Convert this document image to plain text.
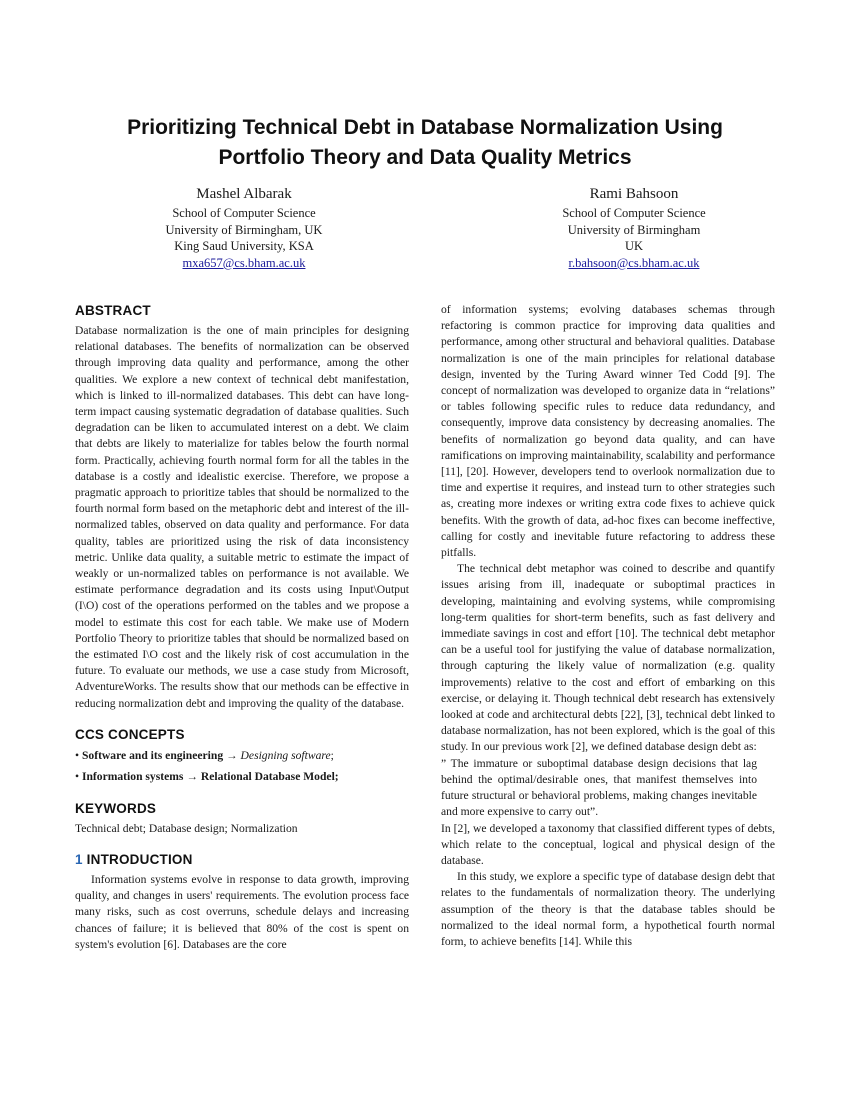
Prioritizing Technical Debt in Database Normalization Using
Portfolio Theory and Data Quality Metrics
Mashel Albarak
School of Computer Science
University of Birmingham, UK
King Saud University, KSA
mxa657@cs.bham.ac.uk
Rami Bahsoon
School of Computer Science
University of Birmingham
UK
r.bahsoon@cs.bham.ac.uk
ABSTRACT

Database normalization is the one of main principles for designing relational databases. The benefits of normalization can be observed through improving data quality and performance, among the other qualities. We explore a new context of technical debt manifestation, which is linked to ill-normalized databases. This debt can have long-term impact causing systematic degradation of database qualities. Such degradation can be liken to accumulated interest on a debt. We claim that debts are likely to materialize for tables below the fourth normal form. Practically, achieving fourth normal form for all the tables in the database is a costly and idealistic exercise. Therefore, we propose a pragmatic approach to prioritize tables that should be normalized to the fourth normal form based on the metaphoric debt and interest of the ill-normalized tables, observed on data quality and performance. For data quality, tables are prioritized using the risk of data inconsistency metric. Unlike data quality, a suitable metric to estimate the impact of weakly or un-normalized tables on performance is not available. We estimate performance degradation and its costs using Input\Output (I\O) cost of the operations performed on the tables and we propose a model to estimate this cost for each table. We make use of Modern Portfolio Theory to prioritize tables that should be normalized based on the estimated I\O cost and the likely risk of cost accumulation in the future. To evaluate our methods, we use a case study from Microsoft, AdventureWorks. The results show that our methods can be effective in reducing normalization debt and improving the quality of the database.

CCS CONCEPTS

• Software and its engineering → Designing software;

• Information systems → Relational Database Model;

KEYWORDS

Technical debt; Database design; Normalization

1 INTRODUCTION

Information systems evolve in response to data growth, improving quality, and changes in users' requirements. The evolution process face many risks, such as cost overruns, schedule delays and increasing chances of failure; it is believed that 80% of the cost is spent on system's evolution [6]. Databases are the core

of information systems; evolving databases schemas through refactoring is common practice for improving data qualities and performance, among other structural and behavioral qualities. Database normalization is one of the main principles for relational database design, invented by the Turing Award winner Ted Codd [9]. The concept of normalization was developed to organize data in “relations” or tables following specific rules to reduce data redundancy, and consequently, improve data consistency by decreasing anomalies. The benefits of normalization go beyond data quality, and can have ramifications on improving maintainability, scalability and performance [11], [20]. However, developers tend to overlook normalization due to time and expertise it requires, and instead turn to other strategies such as, creating more indexes or writing extra code fixes to achieve quick benefits. With the growth of data, ad-hoc fixes can become ineffective, calling for costly and inevitable future refactoring to address these pitfalls.

The technical debt metaphor was coined to describe and quantify issues arising from ill, inadequate or suboptimal practices in developing, maintaining and evolving systems, while compromising long-term qualities for short-term benefits, such as fast delivery and immediate savings in cost and effort [10]. The technical debt metaphor can be a useful tool for justifying the value of database normalization, through capturing the likely value of normalization (e.g. quality improvements) relative to the cost and effort of embarking on this exercise, or delaying it. Though technical debt research has extensively looked at code and architectural debts [22], [3], technical debt linked to database normalization, has not been explored, which is the goal of this study. In our previous work [2], we defined database design debt as:

” The immature or suboptimal database design decisions that lag behind the optimal/desirable ones, that manifest themselves into future structural or behavioral problems, making changes inevitable and more expensive to carry out”.

In [2], we developed a taxonomy that classified different types of debts, which relate to the conceptual, logical and physical design of the database.

In this study, we explore a specific type of database design debt that relates to the fundamentals of normalization theory. The underlying assumption of the theory is that the database tables should be normalized to the ideal normal form, a hypothetical fourth normal form, to achieve benefits [14]. While this
